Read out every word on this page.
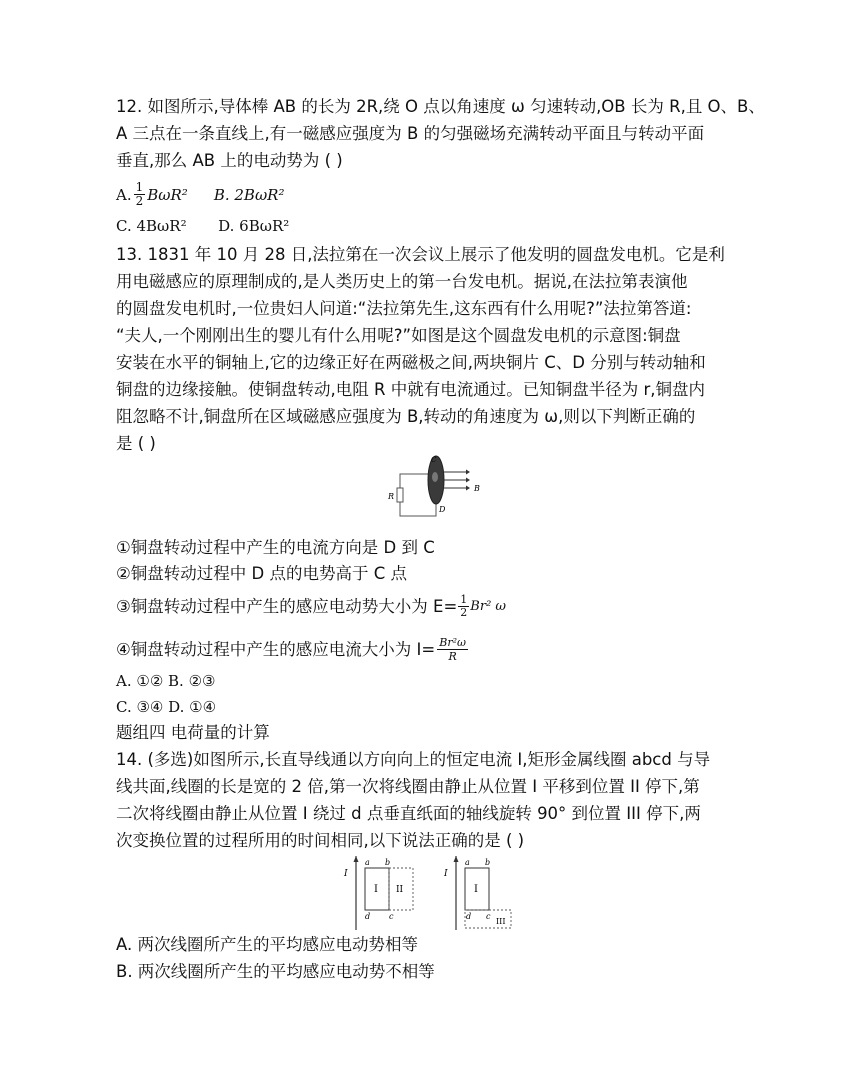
12. 如图所示,导体棒 AB 的长为 2R,绕 O 点以角速度 ω 匀速转动,OB 长为 R,且 O、B、
A 三点在一条直线上,有一磁感应强度为 B 的匀强磁场充满转动平面且与转动平面
垂直,那么 AB 上的电动势为 ( )
A. $\frac{1}{2} B\omega R^2$ B. 2BωR²
C. 4BωR² D. 6BωR²
13. 1831 年 10 月 28 日,法拉第在一次会议上展示了他发明的圆盘发电机。它是利
用电磁感应的原理制成的,是人类历史上的第一台发电机。据说,在法拉第表演他
的圆盘发电机时,一位贵妇人问道:“法拉第先生,这东西有什么用呢?”法拉第答道:
“夫人,一个刚刚出生的婴儿有什么用呢?”如图是这个圆盘发电机的示意图:铜盘
安装在水平的铜轴上,它的边缘正好在两磁极之间,两块铜片 C、D 分别与转动轴和
铜盘的边缘接触。使铜盘转动,电阻 R 中就有电流通过。已知铜盘半径为 r,铜盘内
阻忽略不计,铜盘所在区域磁感应强度为 B,转动的角速度为 ω,则以下判断正确的
是 ( )
R
B
D
C
①铜盘转动过程中产生的电流方向是 D 到 C
②铜盘转动过程中 D 点的电势高于 C 点
③铜盘转动过程中产生的感应电动势大小为 $E= \frac{1}{2} Br^2$ ω
④铜盘转动过程中产生的感应电流大小为 $I= \frac{\text{Br²ω}}{R}$
A. ①② B. ②③
C. ③④ D. ①④
题组四 电荷量的计算
14. (多选)如图所示,长直导线通以方向向上的恒定电流 I,矩形金属线圈 abcd 与导
线共面,线圈的长是宽的 2 倍,第一次将线圈由静止从位置 I 平移到位置 II 停下,第
二次将线圈由静止从位置 I 绕过 d 点垂直纸面的轴线旋转 90° 到位置 III 停下,两
次变换位置的过程所用的时间相同,以下说法正确的是 ( )
I
a b
d c
I II
I
a b
d c
I
III
A. 两次线圈所产生的平均感应电动势相等
B. 两次线圈所产生的平均感应电动势不相等
